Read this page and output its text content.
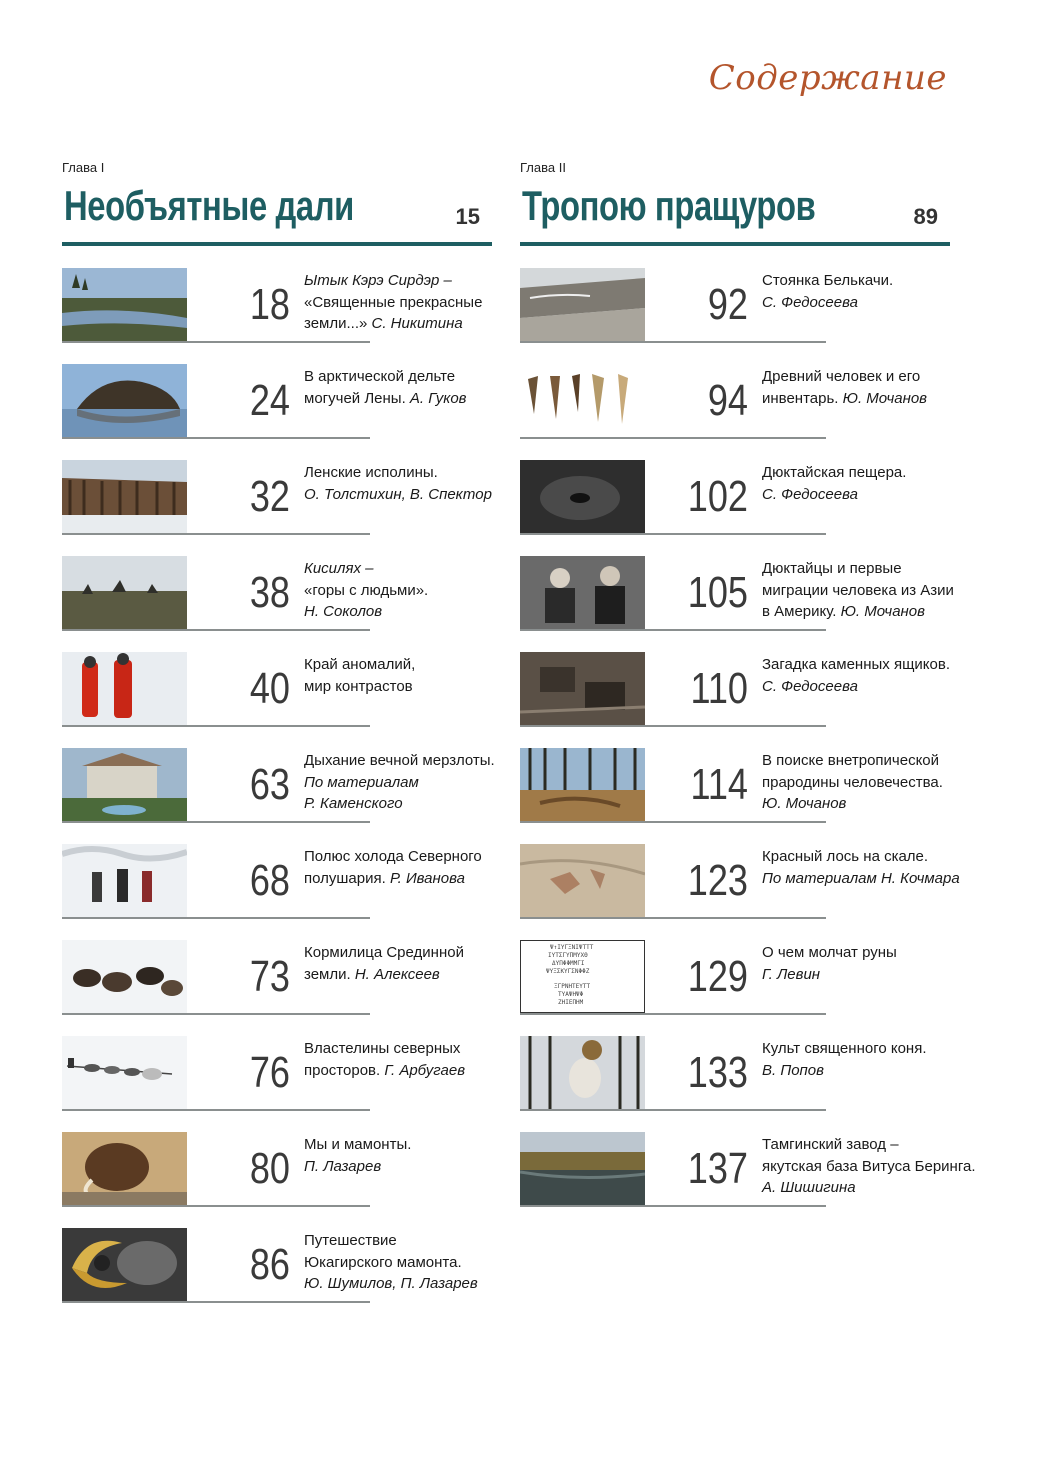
Содержание
Глава I
Необъятные дали	15
18 Ытык Кэрэ Сирдэр –
«Священные прекрасные
земли...» С. Никитина
24 В арктической дельте
могучей Лены. А. Гуков
32 Ленские исполины.
О. Толстихин, В. Спектор
38 Кисилях –
«горы с людьми».
Н. Соколов
40 Край аномалий,
мир контрастов
63 Дыхание вечной мерзлоты.
По материалам
Р. Каменского
68 Полюс холода Северного
полушария. Р. Иванова
73 Кормилица Срединной
земли. Н. Алексеев
76 Властелины северных
просторов. Г. Арбугаев
80 Мы и мамонты.
П. Лазарев
86 Путешествие
Юкагирского мамонта.
Ю. Шумилов, П. Лазарев
Глава II
Тропою пращуров	89
92 Стоянка Белькачи.
С. Федосеева
94 Древний человек и его
инвентарь. Ю. Мочанов
102 Дюктайская пещера.
С. Федосеева
105 Дюктайцы и первые
миграции человека из Азии
в Америку. Ю. Мочанов
110 Загадка каменных ящиков.
С. Федосеева
114 В поиске внетропической
прародины человечества.
Ю. Мочанов
123 Красный лось на скале.
По материалам Н. Кочмара
Ψ↑ΙΥΓΞΝΙΨΤΤΤ
ΙΥΤΣΓΥΠΜΥΧΘ
ΔΥΠΦΦΜΜΓΙ
ΨΥΞΣΚΥΓΣΝΦΦΖ
ΞΓΡΝΗΤΕΥΤΤ
ΤΥΑΨΗΨΦ
ΖΗΙΕΠΗΜ
129 О чем молчат руны
Г. Левин
133 Культ священного коня.
В. Попов
137 Тамгинский завод –
якутская база Витуса Беринга.
А. Шишигина
